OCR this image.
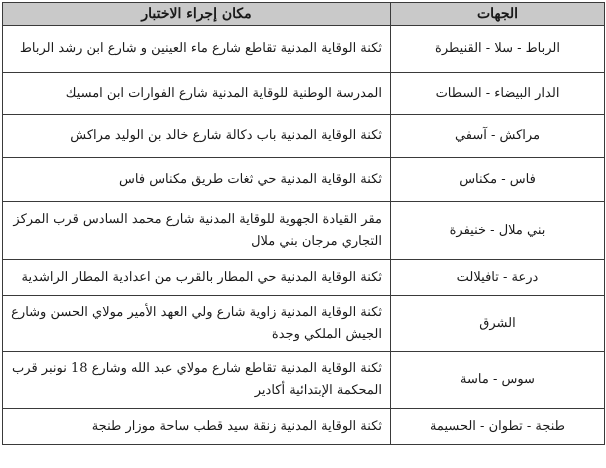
الجهات	مكان إجراء الاختبار
الرباط - سلا - القنيطرة	ثكنة الوقاية المدنية تقاطع شارع ماء العينين و شارع ابن رشد الرباط
الدار البيضاء - السطات	المدرسة الوطنية للوقاية المدنية شارع الفوارات ابن امسيك
مراكش - آسفي	ثكنة الوقاية المدنية باب دكالة شارع خالد بن الوليد مراكش
فاس - مكناس	ثكنة الوقاية المدنية حي ثغات طريق مكناس فاس
بني ملال - خنيفرة	مقر القيادة الجهوية للوقاية المدنية شارع محمد السادس قرب المركز التجاري مرجان بني ملال
درعة - تافيلالت	ثكنة الوقاية المدنية حي المطار بالقرب من اعدادية المطار الراشدية
الشرق	ثكنة الوقاية المدنية زاوية شارع ولي العهد الأمير مولاي الحسن وشارع الجيش الملكي وجدة
سوس - ماسة	ثكنة الوقاية المدنية تقاطع شارع مولاي عبد الله وشارع 18 نونبر قرب المحكمة الإبتدائية أكادير
طنجة - تطوان - الحسيمة	ثكنة الوقاية المدنية زنقة سيد قطب ساحة موزار طنجة
